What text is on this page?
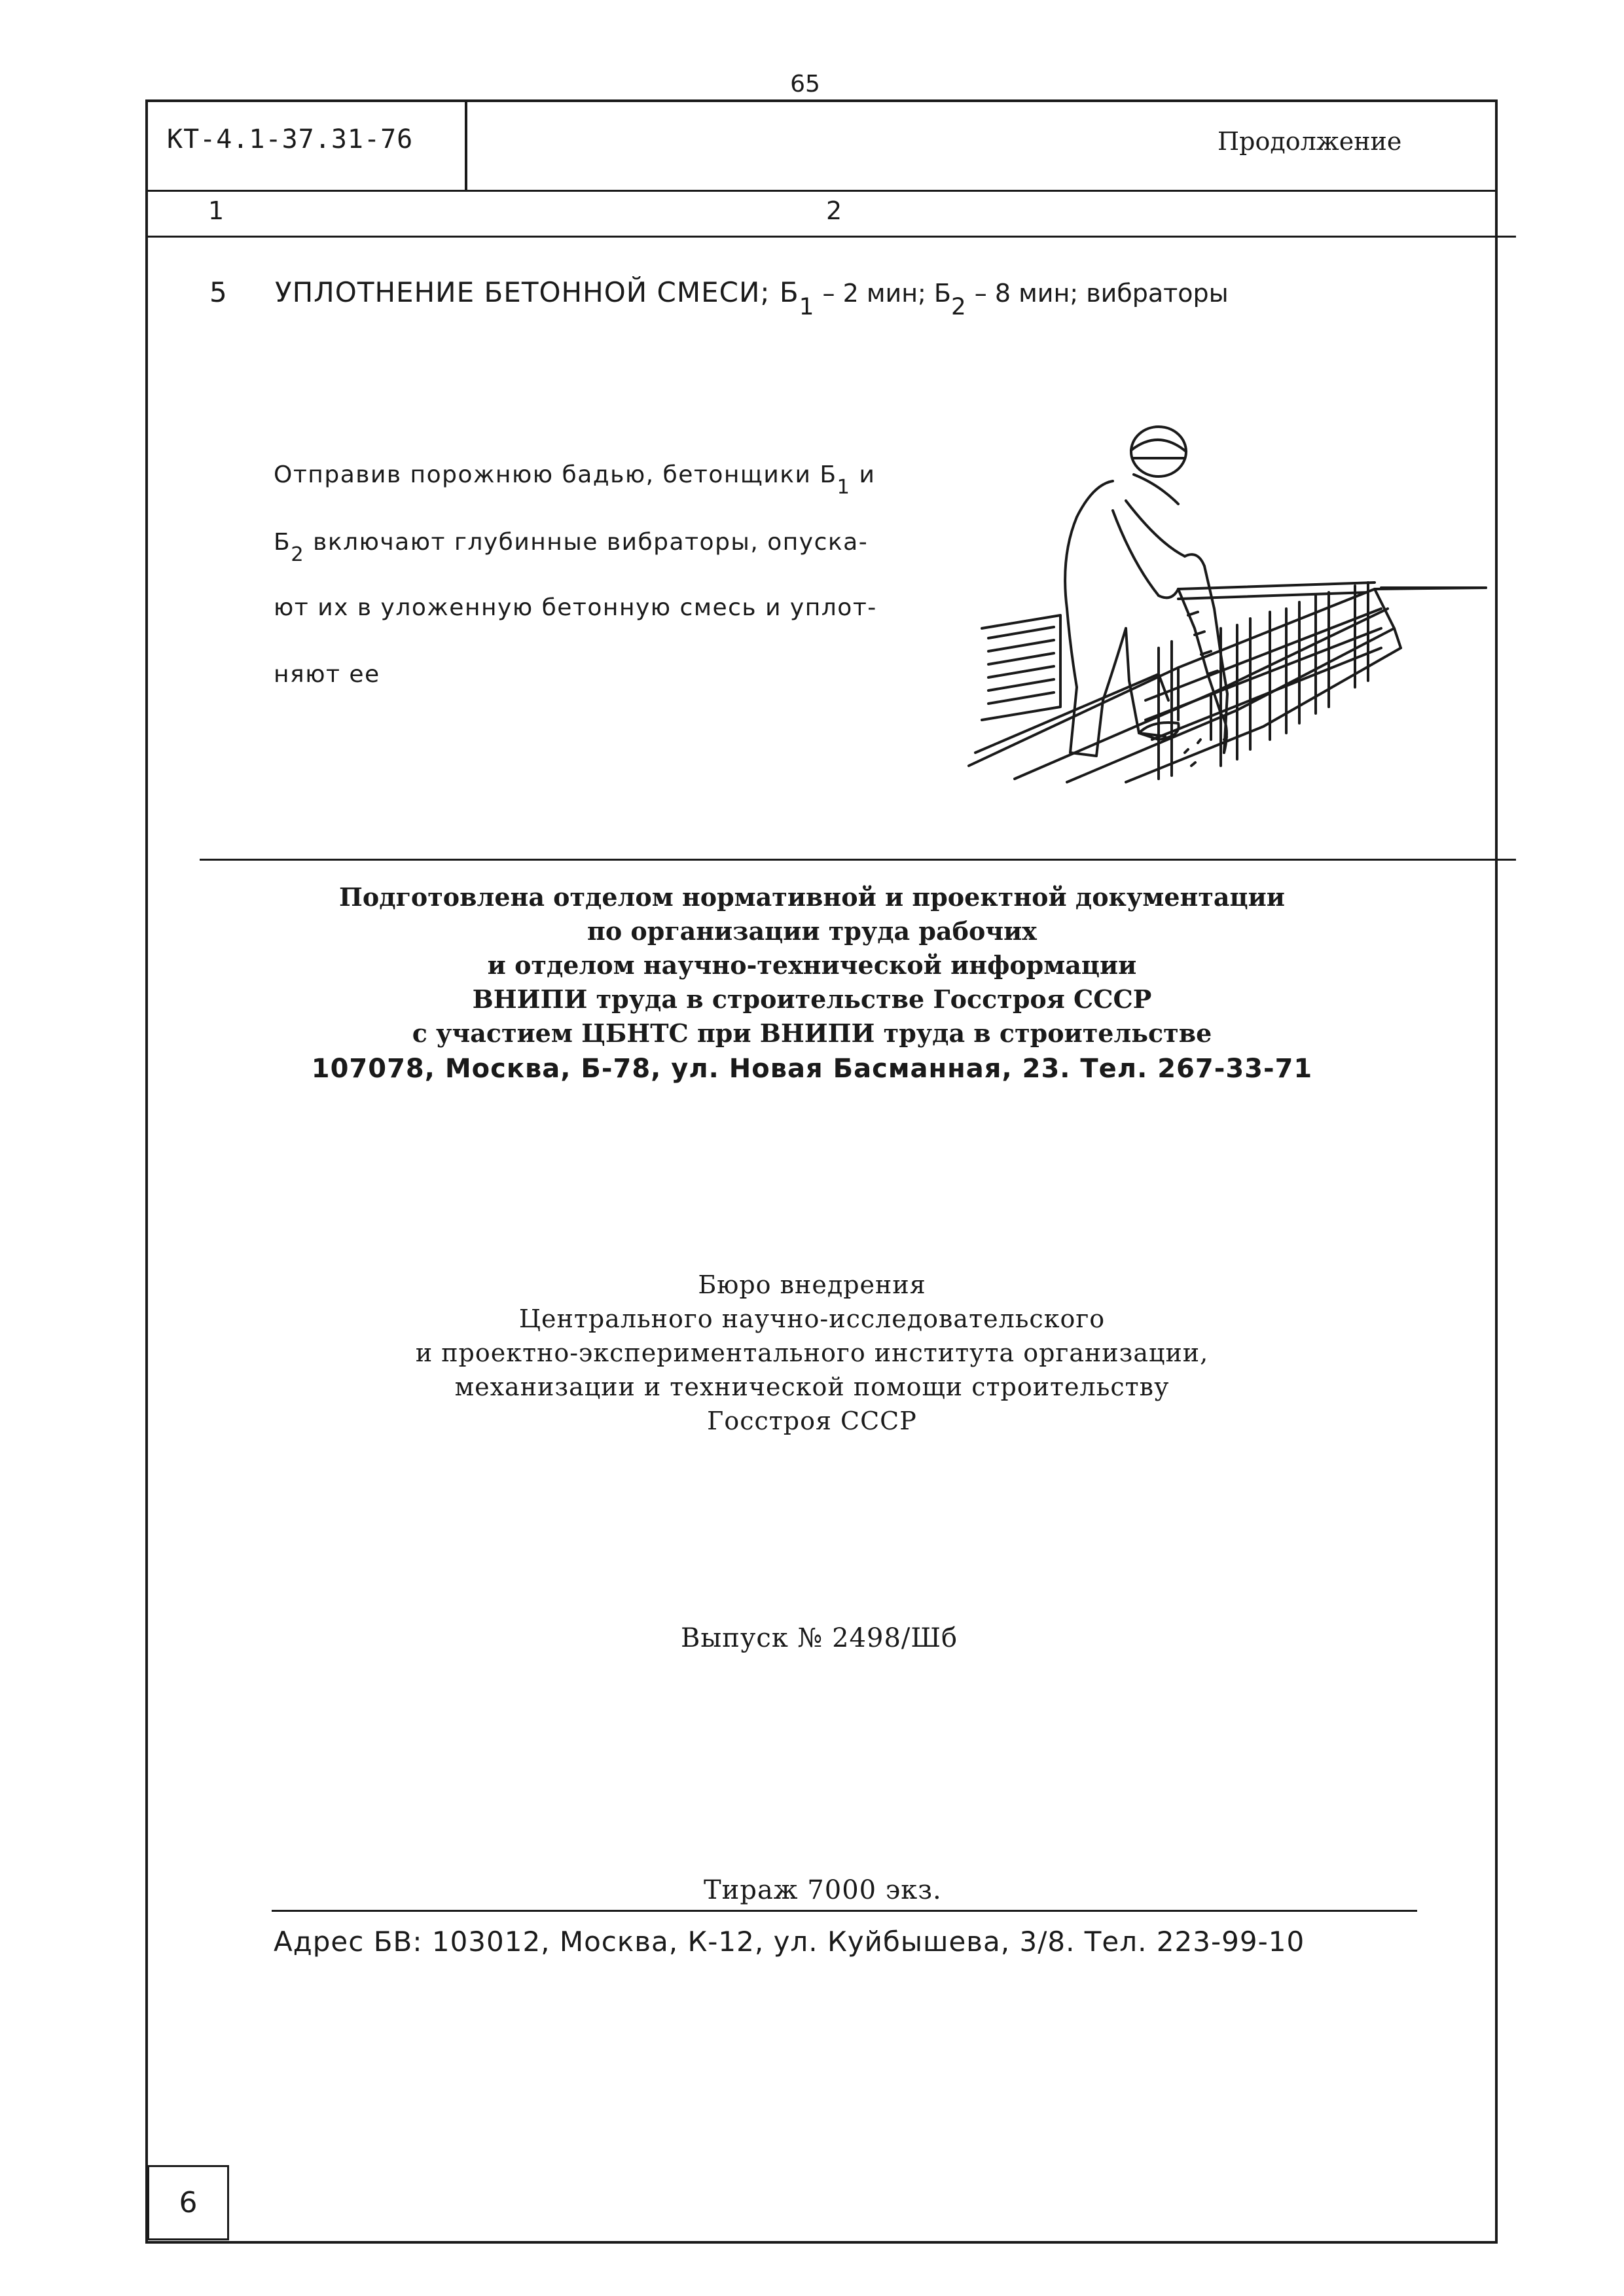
65
КТ-4.1-37.31-76	Продолжение
1	2
5 УПЛОТНЕНИЕ БЕТОННОЙ СМЕСИ; $Б_1 - 2$ мин; $Б_2 - 8$ мин; вибраторы
Отправив порожнюю бадью, бетонщики $Б_1$ и
$Б_2$ включают глубинные вибраторы, опуска-
ют их в уложенную бетонную смесь и уплот-
няют ее
Подготовлена отделом нормативной и проектной документации
по организации труда рабочих
и отделом научно-технической информации
ВНИПИ труда в строительстве Госстроя СССР
с участием ЦБНТС при ВНИПИ труда в строительстве
107078, Москва, Б-78, ул. Новая Басманная, 23. Тел. 267-33-71
Бюро внедрения
Центрального научно-исследовательского
и проектно-экспериментального института организации,
механизации и технической помощи строительству
Госстроя СССР
Выпуск № 2498/Шб
Тираж 7000 экз.
Адрес БВ: 103012, Москва, К-12, ул. Куйбышева, 3/8. Тел. 223-99-10
6
